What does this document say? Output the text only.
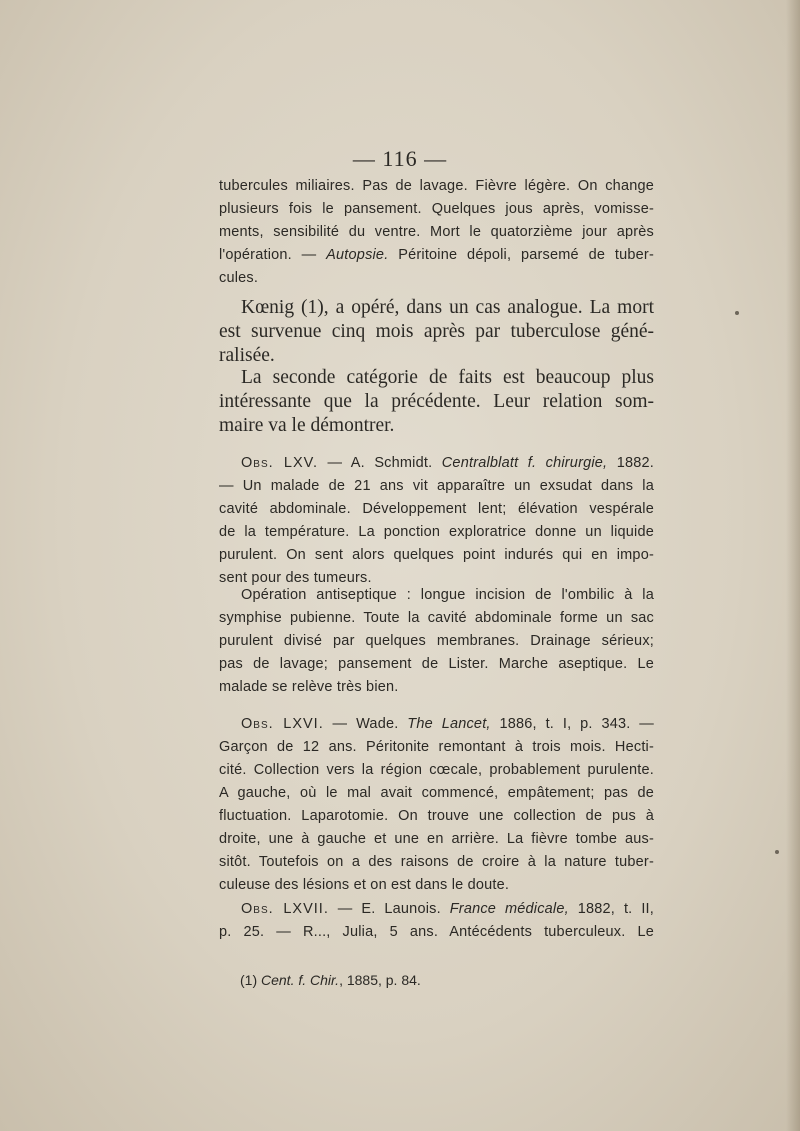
— 116 —
tubercules miliaires. Pas de lavage. Fièvre légère. On change
plusieurs fois le pansement. Quelques jous après, vomisse-
ments, sensibilité du ventre. Mort le quatorzième jour après
l'opération. — Autopsie. Péritoine dépoli, parsemé de tuber-
cules.
Kœnig (1), a opéré, dans un cas analogue. La mort
est survenue cinq mois après par tuberculose géné-
ralisée.
La seconde catégorie de faits est beaucoup plus
intéressante que la précédente. Leur relation som-
maire va le démontrer.
Obs. LXV. — A. Schmidt. Centralblatt f. chirurgie, 1882.
— Un malade de 21 ans vit apparaître un exsudat dans la
cavité abdominale. Développement lent; élévation vespérale
de la température. La ponction exploratrice donne un liquide
purulent. On sent alors quelques point indurés qui en impo-
sent pour des tumeurs.
Opération antiseptique : longue incision de l'ombilic à la
symphise pubienne. Toute la cavité abdominale forme un sac
purulent divisé par quelques membranes. Drainage sérieux;
pas de lavage; pansement de Lister. Marche aseptique. Le
malade se relève très bien.
Obs. LXVI. — Wade. The Lancet, 1886, t. I, p. 343. —
Garçon de 12 ans. Péritonite remontant à trois mois. Hecti-
cité. Collection vers la région cœcale, probablement purulente.
A gauche, où le mal avait commencé, empâtement; pas de
fluctuation. Laparotomie. On trouve une collection de pus à
droite, une à gauche et une en arrière. La fièvre tombe aus-
sitôt. Toutefois on a des raisons de croire à la nature tuber-
culeuse des lésions et on est dans le doute.
Obs. LXVII. — E. Launois. France médicale, 1882, t. II,
p. 25. — R..., Julia, 5 ans. Antécédents tuberculeux. Le
(1) Cent. f. Chir., 1885, p. 84.
